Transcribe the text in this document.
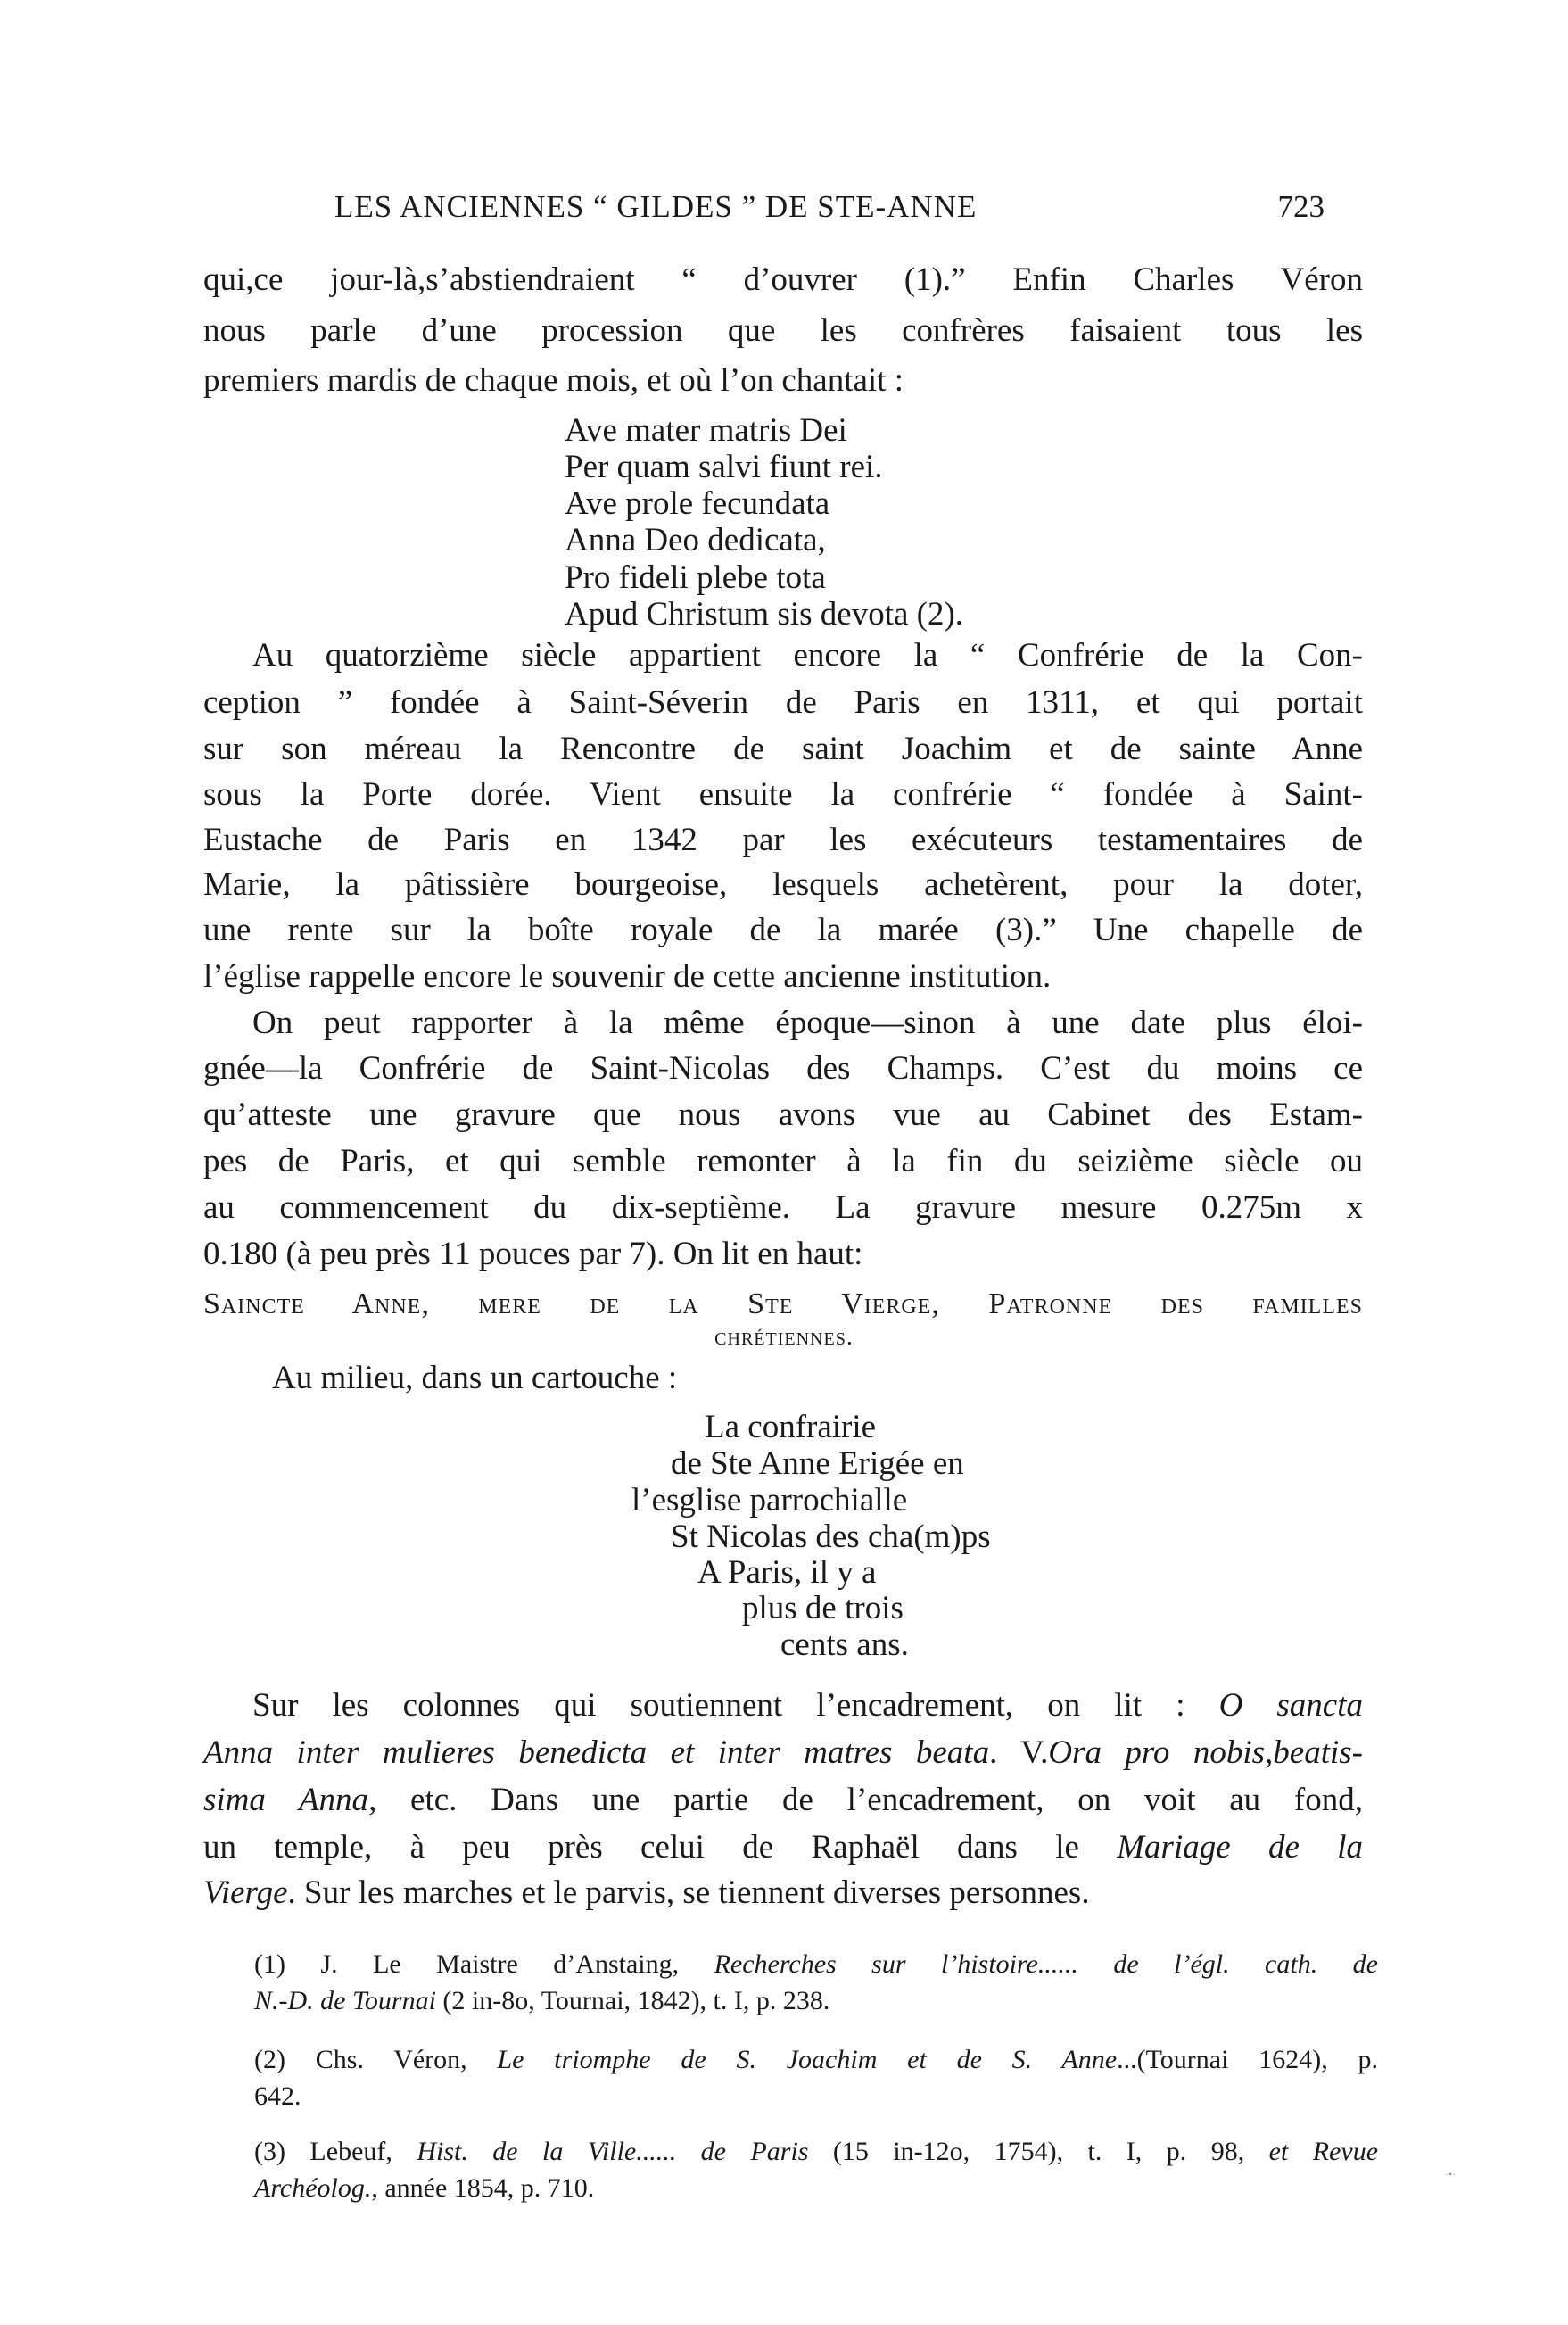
LES ANCIENNES “ GILDES ” DE STE-ANNE	723
qui,ce jour-là,s’abstiendraient “ d’ouvrer (1).” Enfin Charles Véron
nous parle d’une procession que les confrères faisaient tous les
premiers mardis de chaque mois, et où l’on chantait :
Ave mater matris Dei
Per quam salvi fiunt rei.
Ave prole fecundata
Anna Deo dedicata,
Pro fideli plebe tota
Apud Christum sis devota (2).
Au quatorzième siècle appartient encore la “ Confrérie de la Con-
ception ” fondée à Saint-Séverin de Paris en 1311, et qui portait
sur son méreau la Rencontre de saint Joachim et de sainte Anne
sous la Porte dorée. Vient ensuite la confrérie “ fondée à Saint-
Eustache de Paris en 1342 par les exécuteurs testamentaires de
Marie, la pâtissière bourgeoise, lesquels achetèrent, pour la doter,
une rente sur la boîte royale de la marée (3).” Une chapelle de
l’église rappelle encore le souvenir de cette ancienne institution.
On peut rapporter à la même époque—sinon à une date plus éloi-
gnée—la Confrérie de Saint-Nicolas des Champs. C’est du moins ce
qu’atteste une gravure que nous avons vue au Cabinet des Estam-
pes de Paris, et qui semble remonter à la fin du seizième siècle ou
au commencement du dix-septième. La gravure mesure 0.275m x
0.180 (à peu près 11 pouces par 7). On lit en haut:
Saincte Anne, mere de la Ste Vierge, Patronne des familles
chrétiennes.
Au milieu, dans un cartouche :
La confrairie
de Ste Anne Erigée en
l’esglise parrochialle
St Nicolas des cha(m)ps
A Paris, il y a
plus de trois
cents ans.
Sur les colonnes qui soutiennent l’encadrement, on lit : O sancta
Anna inter mulieres benedicta et inter matres beata. V.Ora pro nobis,beatis-
sima Anna, etc. Dans une partie de l’encadrement, on voit au fond,
un temple, à peu près celui de Raphaël dans le Mariage de la
Vierge. Sur les marches et le parvis, se tiennent diverses personnes.
(1) J. Le Maistre d’Anstaing, Recherches sur l’histoire...... de l’égl. cath. de
N.-D. de Tournai (2 in-8o, Tournai, 1842), t. I, p. 238.
(2) Chs. Véron, Le triomphe de S. Joachim et de S. Anne...(Tournai 1624), p.
642.
(3) Lebeuf, Hist. de la Ville...... de Paris (15 in-12o, 1754), t. I, p. 98, et Revue
Archéolog., année 1854, p. 710.	·•·
